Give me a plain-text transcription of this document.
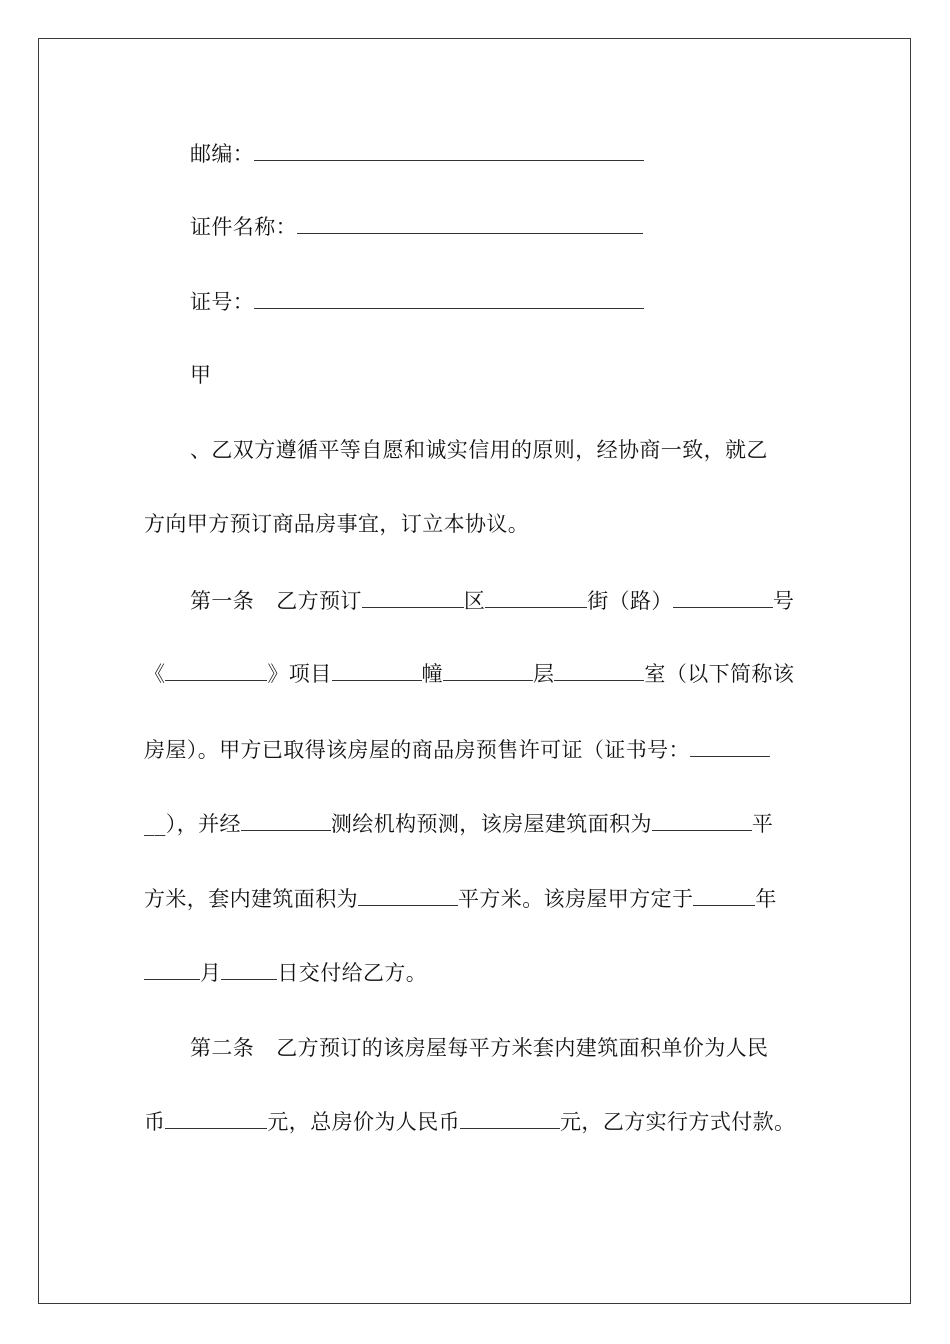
邮编：
证件名称：
证号：
甲
、乙双方遵循平等自愿和诚实信用的原则，经协商一致，就乙
方向甲方预订商品房事宜，订立本协议。
第一条 乙方预订	区	街（路）	号
《	》项目	幢	层	室（以下简称该
房屋）。甲方已取得该房屋的商品房预售许可证（证书号：
__），并经	测绘机构预测，该房屋建筑面积为	平
方米，套内建筑面积为	平方米。该房屋甲方定于	年
月	日交付给乙方。
第二条 乙方预订的该房屋每平方米套内建筑面积单价为人民
币	元，总房价为人民币	元，乙方实行方式付款。
